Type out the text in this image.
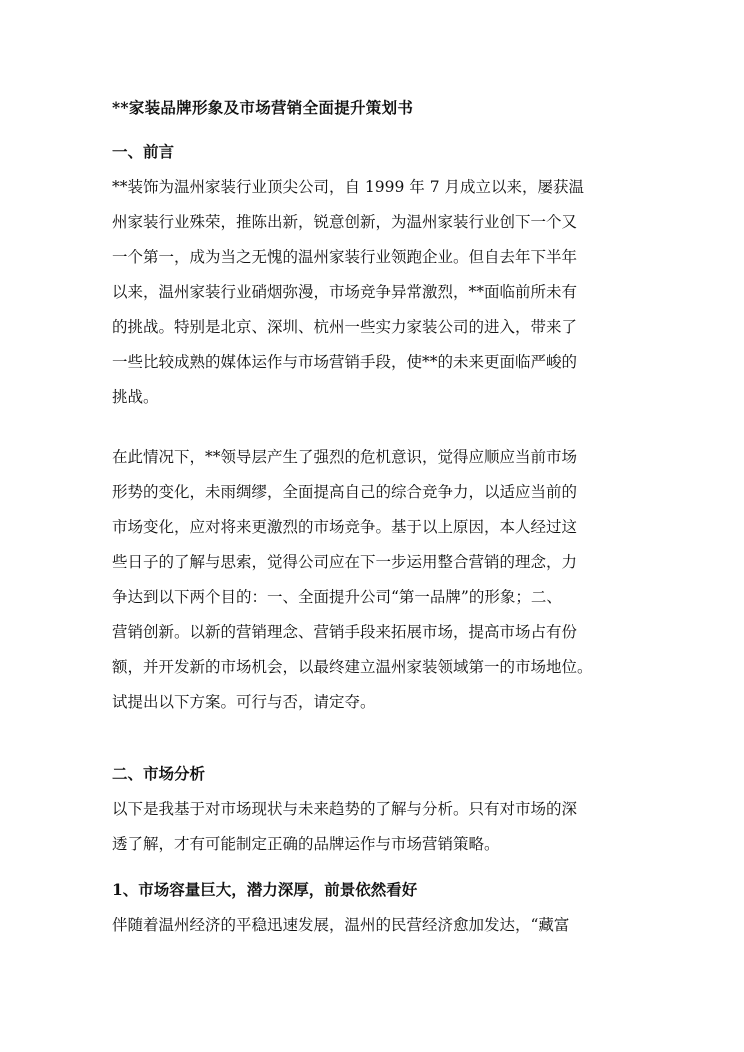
**家装品牌形象及市场营销全面提升策划书
一、前言
**装饰为温州家装行业顶尖公司，自 1999 年 7 月成立以来，屡获温
州家装行业殊荣，推陈出新，锐意创新，为温州家装行业创下一个又
一个第一，成为当之无愧的温州家装行业领跑企业。但自去年下半年
以来，温州家装行业硝烟弥漫，市场竞争异常激烈，**面临前所未有
的挑战。特别是北京、深圳、杭州一些实力家装公司的进入，带来了
一些比较成熟的媒体运作与市场营销手段，使**的未来更面临严峻的
挑战。
在此情况下，**领导层产生了强烈的危机意识，觉得应顺应当前市场
形势的变化，未雨绸缪，全面提高自己的综合竞争力，以适应当前的
市场变化，应对将来更激烈的市场竞争。基于以上原因，本人经过这
些日子的了解与思索，觉得公司应在下一步运用整合营销的理念，力
争达到以下两个目的：一、全面提升公司“第一品牌”的形象；二、
营销创新。以新的营销理念、营销手段来拓展市场，提高市场占有份
额，并开发新的市场机会，以最终建立温州家装领域第一的市场地位。
试提出以下方案。可行与否，请定夺。
二、市场分析
以下是我基于对市场现状与未来趋势的了解与分析。只有对市场的深
透了解，才有可能制定正确的品牌运作与市场营销策略。
1、市场容量巨大，潜力深厚，前景依然看好
伴随着温州经济的平稳迅速发展，温州的民营经济愈加发达，“藏富
